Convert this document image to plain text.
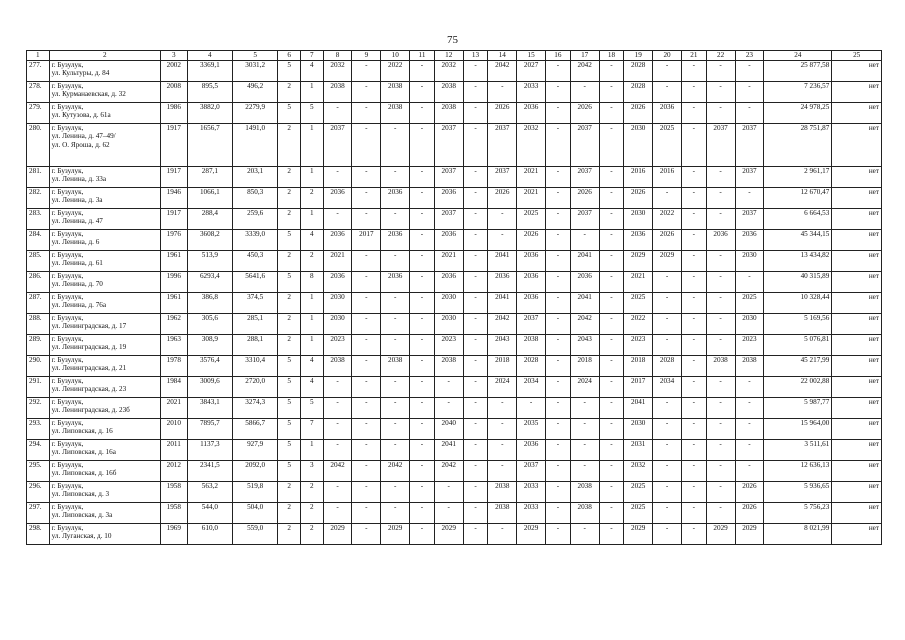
75
1	2	3	4	5	6	7	8	9	10	11	12	13	14	15	16	17	18	19	20	21	22	23	24	25
277.	г. Бузулук,
ул. Культуры, д. 84	2002	3369,1	3031,2	5	4	2032	-	2022	-	2032	-	2042	2027	-	2042	-	2028	-	-	-	-	25 877,58	нет
278.	г. Бузулук,
ул. Курманаевская, д. 32	2008	895,5	496,2	2	1	2038	-	2038	-	2038	-	-	2033	-	-	-	2028	-	-	-	-	7 236,57	нет
279.	г. Бузулук,
ул. Кутузова, д. 61а	1986	3882,0	2279,9	5	5	-	-	2038	-	2038	-	2026	2036	-	2026	-	2026	2036	-	-	-	24 978,25	нет
280.	г. Бузулук,
ул. Ленина, д. 47–49/
ул. О. Яроша, д. 62	1917	1656,7	1491,0	2	1	2037	-	-	-	2037	-	2037	2032	-	2037	-	2030	2025	-	2037	2037	28 751,87	нет
281.	г. Бузулук,
ул. Ленина, д. 33а	1917	287,1	203,1	2	1	-	-	-	-	2037	-	2037	2021	-	2037	-	2016	2016	-	-	2037	2 961,17	нет
282.	г. Бузулук,
ул. Ленина, д. 3а	1946	1066,1	850,3	2	2	2036	-	2036	-	2036	-	2026	2021	-	2026	-	2026	-	-	-	-	12 670,47	нет
283.	г. Бузулук,
ул. Ленина, д. 47	1917	288,4	259,6	2	1	-	-	-	-	2037	-	-	2025	-	2037	-	2030	2022	-	-	2037	6 664,53	нет
284.	г. Бузулук,
ул. Ленина, д. 6	1976	3608,2	3339,0	5	4	2036	2017	2036	-	2036	-	-	2026	-	-	-	2036	2026	-	2036	2036	45 344,15	нет
285.	г. Бузулук,
ул. Ленина, д. 61	1961	513,9	450,3	2	2	2021	-	-	-	2021	-	2041	2036	-	2041	-	2029	2029	-	-	2030	13 434,82	нет
286.	г. Бузулук,
ул. Ленина, д. 70	1996	6293,4	5641,6	5	8	2036	-	2036	-	2036	-	2036	2036	-	2036	-	2021	-	-	-	-	40 315,89	нет
287.	г. Бузулук,
ул. Ленина, д. 76а	1961	386,8	374,5	2	1	2030	-	-	-	2030	-	2041	2036	-	2041	-	2025	-	-	-	2025	10 328,44	нет
288.	г. Бузулук,
ул. Ленинградская, д. 17	1962	305,6	285,1	2	1	2030	-	-	-	2030	-	2042	2037	-	2042	-	2022	-	-	-	2030	5 169,56	нет
289.	г. Бузулук,
ул. Ленинградская, д. 19	1963	308,9	288,1	2	1	2023	-	-	-	2023	-	2043	2038	-	2043	-	2023	-	-	-	2023	5 076,81	нет
290.	г. Бузулук,
ул. Ленинградская, д. 21	1978	3576,4	3310,4	5	4	2038	-	2038	-	2038	-	2018	2028	-	2018	-	2018	2028	-	2038	2038	45 217,99	нет
291.	г. Бузулук,
ул. Ленинградская, д. 23	1984	3009,6	2720,0	5	4	-	-	-	-	-	-	2024	2034	-	2024	-	2017	2034	-	-	-	22 002,88	нет
292.	г. Бузулук,
ул. Ленинградская, д. 23б	2021	3843,1	3274,3	5	5	-	-	-	-	-	-	-	-	-	-	-	2041	-	-	-	-	5 987,77	нет
293.	г. Бузулук,
ул. Липовская, д. 16	2010	7895,7	5866,7	5	7	-	-	-	-	2040	-	-	2035	-	-	-	2030	-	-	-	-	15 964,00	нет
294.	г. Бузулук,
ул. Липовская, д. 16а	2011	1137,3	927,9	5	1	-	-	-	-	2041	-	-	2036	-	-	-	2031	-	-	-	-	3 511,61	нет
295.	г. Бузулук,
ул. Липовская, д. 16б	2012	2341,5	2092,0	5	3	2042	-	2042	-	2042	-	-	2037	-	-	-	2032	-	-	-	-	12 636,13	нет
296.	г. Бузулук,
ул. Липовская, д. 3	1958	563,2	519,8	2	2	-	-	-	-	-	-	2038	2033	-	2038	-	2025	-	-	-	2026	5 936,65	нет
297.	г. Бузулук,
ул. Липовская, д. 3а	1958	544,0	504,0	2	2	-	-	-	-	-	-	2038	2033	-	2038	-	2025	-	-	-	2026	5 756,23	нет
298.	г. Бузулук,
ул. Луганская, д. 10	1969	610,0	559,0	2	2	2029	-	2029	-	2029	-	-	2029	-	-	-	2029	-	-	2029	2029	8 021,99	нет
